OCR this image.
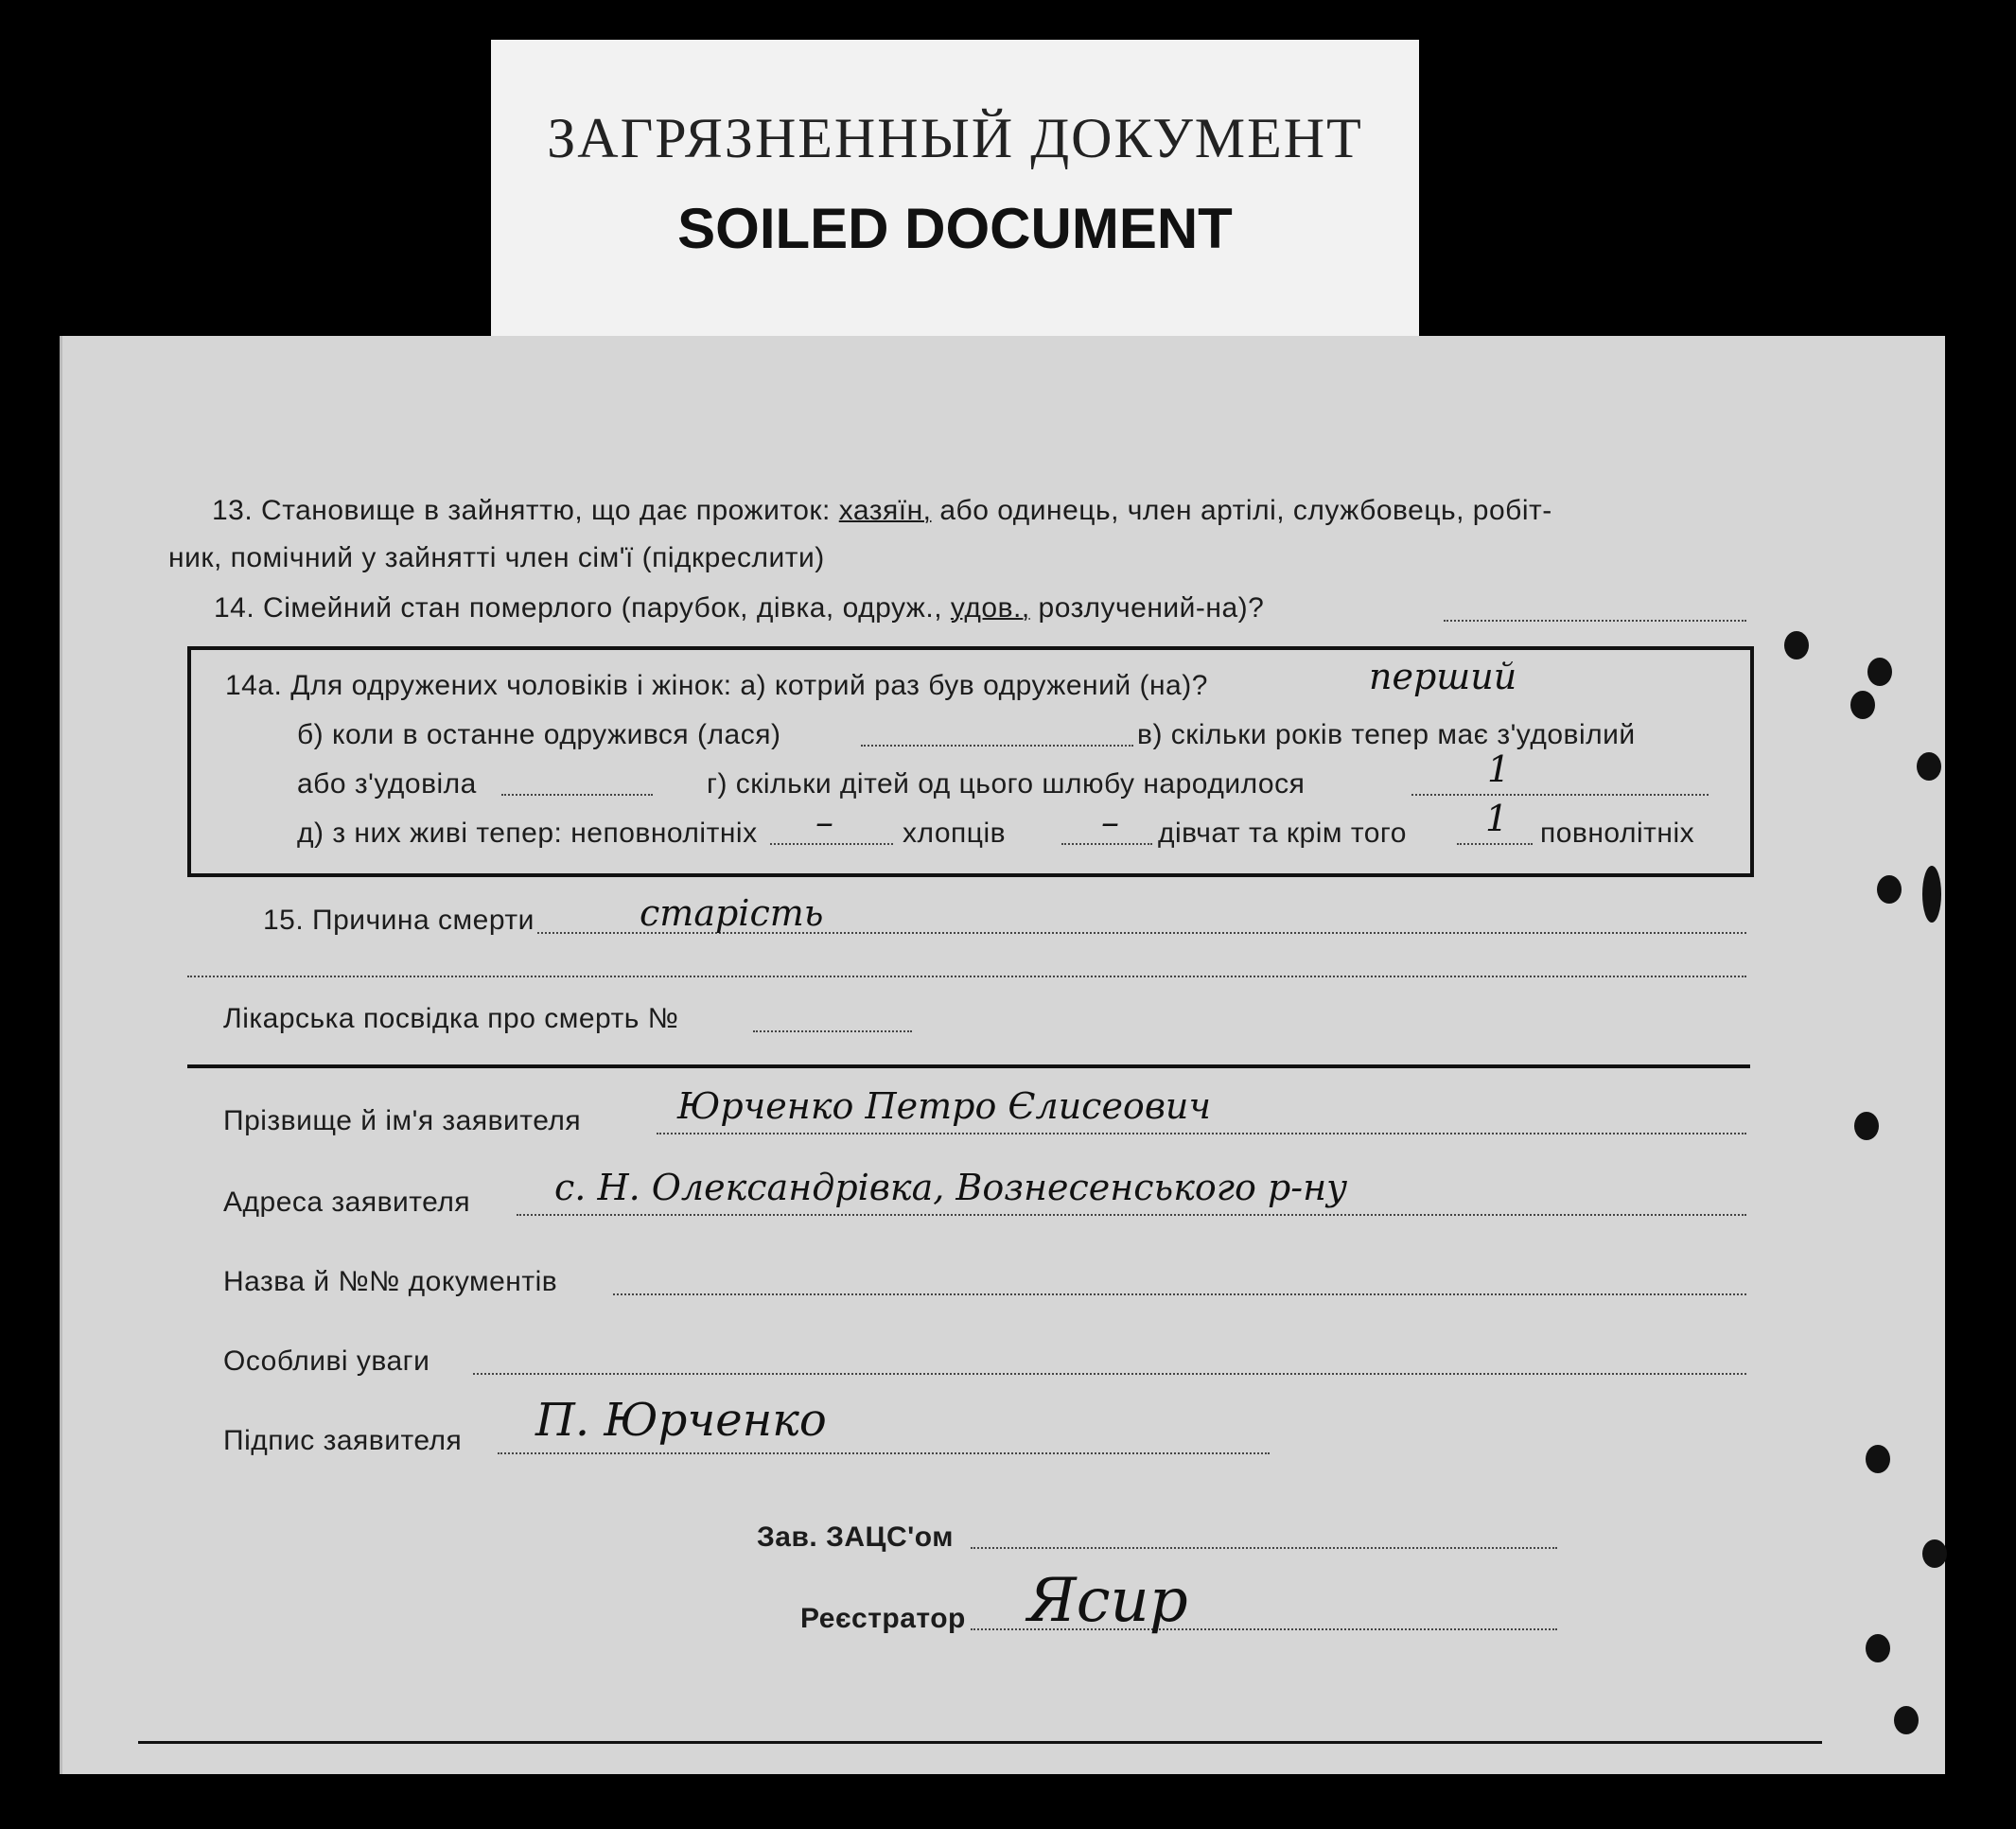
ЗАГРЯЗНЕННЫЙ ДОКУМЕНТ
SOILED DOCUMENT
13. Становище в зайняттю, що дає прожиток: хазяїн, або одинець, член артілі, службовець, робіт-
ник, помічний у зайнятті член сім'ї (підкреслити)
14. Сімейний стан померлого (парубок, дівка, одруж., удов., розлучений-на)?
14а. Для одружених чоловіків і жінок: а) котрий раз був одружений (на)?	перший
б) коли в останне одружився (лася)	в) скільки років тепер має з'удовілий
або з'удовіла	г) скільки дітей од цього шлюбу народилося	1
д) з них живі тепер: неповнолітніх – хлопців	– дівчат та крім того 1 повнолітніх
15. Причина смерти	старість
Лікарська посвідка про смерть №
Прізвище й ім'я заявителя	Юрченко Петро Єлисеович
Адреса заявителя с. Н. Олександрівка, Вознесенського р-ну
Назва й №№ документів
Особливі уваги
Підпис заявителя П. Юрченко
Зав. ЗАЦС'ом
Реєстратор Ясир
